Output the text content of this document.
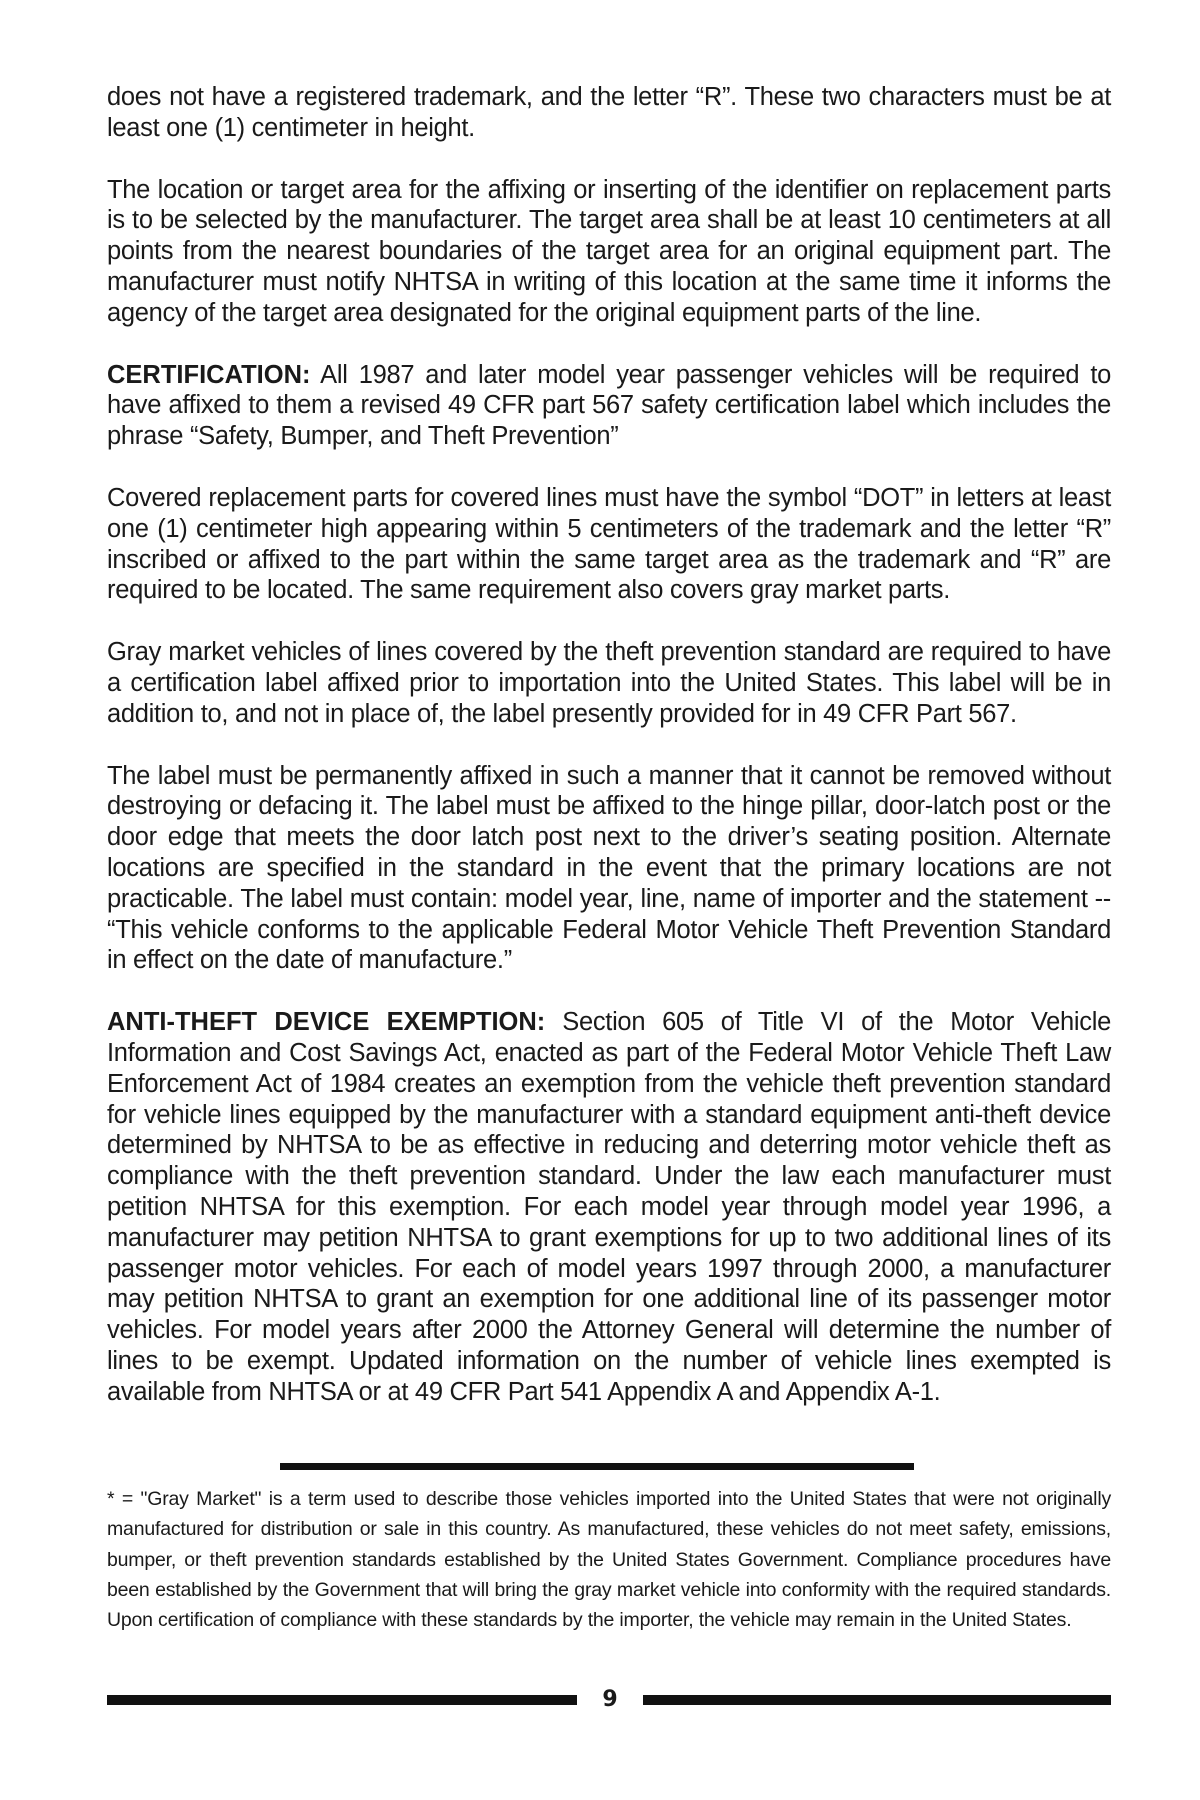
does not have a registered trademark, and the letter “R”. These two characters must be at least one (1) centimeter in height.

The location or target area for the affixing or inserting of the identifier on replacement parts is to be selected by the manufacturer. The target area shall be at least 10 centimeters at all points from the nearest boundaries of the target area for an original equipment part. The manufacturer must notify NHTSA in writing of this location at the same time it informs the agency of the target area designated for the original equipment parts of the line.

CERTIFICATION: All 1987 and later model year passenger vehicles will be required to have affixed to them a revised 49 CFR part 567 safety certification label which includes the phrase “Safety, Bumper, and Theft Prevention”

Covered replacement parts for covered lines must have the symbol “DOT” in letters at least one (1) centimeter high appearing within 5 centimeters of the trademark and the letter “R” inscribed or affixed to the part within the same target area as the trademark and “R” are required to be located. The same requirement also covers gray market parts.

Gray market vehicles of lines covered by the theft prevention standard are required to have a certification label affixed prior to importation into the United States. This label will be in addition to, and not in place of, the label presently provided for in 49 CFR Part 567.

The label must be permanently affixed in such a manner that it cannot be removed without destroying or defacing it. The label must be affixed to the hinge pillar, door-latch post or the door edge that meets the door latch post next to the driver’s seating position. Alternate locations are specified in the standard in the event that the primary locations are not practicable. The label must contain: model year, line, name of importer and the statement -- “This vehicle conforms to the applicable Federal Motor Vehicle Theft Prevention Standard in effect on the date of manufacture.”

ANTI-THEFT DEVICE EXEMPTION: Section 605 of Title VI of the Motor Vehicle Information and Cost Savings Act, enacted as part of the Federal Motor Vehicle Theft Law Enforcement Act of 1984 creates an exemption from the vehicle theft prevention standard for vehicle lines equipped by the manufacturer with a standard equipment anti-theft device determined by NHTSA to be as effective in reducing and deterring motor vehicle theft as compliance with the theft prevention standard. Under the law each manufacturer must petition NHTSA for this exemption. For each model year through model year 1996, a manufacturer may petition NHTSA to grant exemptions for up to two additional lines of its passenger motor vehicles. For each of model years 1997 through 2000, a manufacturer may petition NHTSA to grant an exemption for one additional line of its passenger motor vehicles. For model years after 2000 the Attorney General will determine the number of lines to be exempt. Updated information on the number of vehicle lines exempted is available from NHTSA or at 49 CFR Part 541 Appendix A and Appendix A-1.

* = "Gray Market" is a term used to describe those vehicles imported into the United States that were not originally manufactured for distribution or sale in this country. As manufactured, these vehicles do not meet safety, emissions, bumper, or theft prevention standards established by the United States Government. Compliance procedures have been established by the Government that will bring the gray market vehicle into conformity with the required standards. Upon certification of compliance with these standards by the importer, the vehicle may remain in the United States.

9
